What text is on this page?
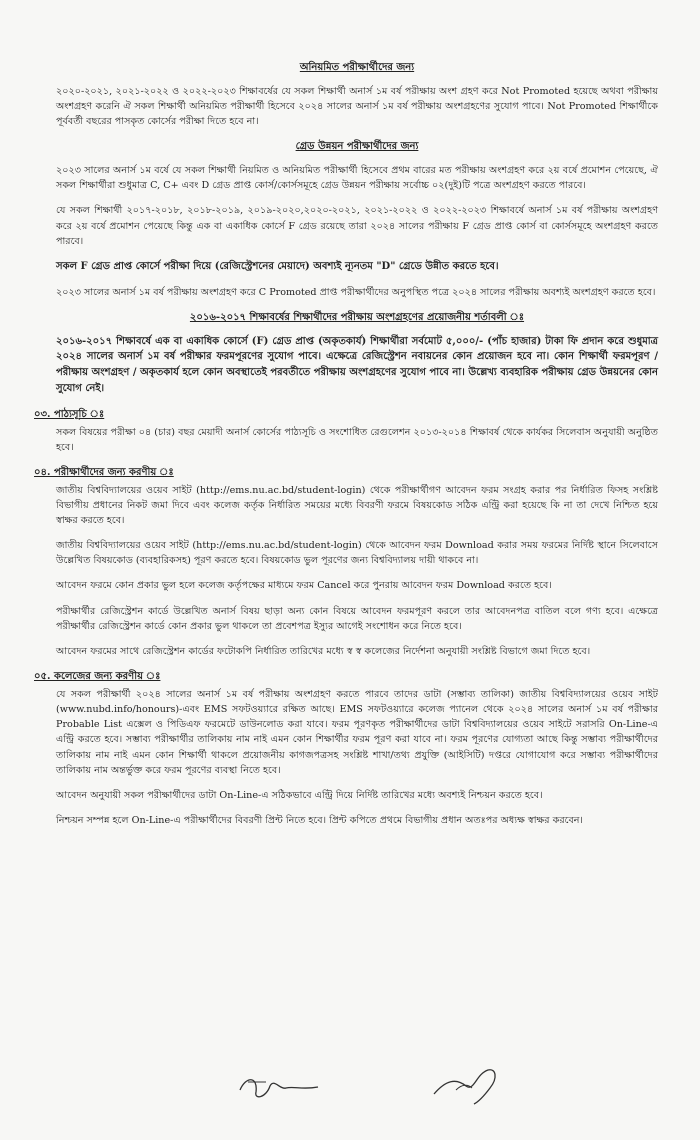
অনিয়মিত পরীক্ষার্থীদের জন্য

২০২০-২০২১, ২০২১-২০২২ ও ২০২২-২০২৩ শিক্ষাবর্ষের যে সকল শিক্ষার্থী অনার্স ১ম বর্ষ পরীক্ষায় অংশ গ্রহণ করে Not Promoted হয়েছে অথবা পরীক্ষায় অংশগ্রহণ করেনি ঐ সকল শিক্ষার্থী অনিয়মিত পরীক্ষার্থী হিসেবে ২০২৪ সালের অনার্স ১ম বর্ষ পরীক্ষায় অংশগ্রহণের সুযোগ পাবে। Not Promoted শিক্ষার্থীকে পূর্ববর্তী বছরের পাসকৃত কোর্সের পরীক্ষা দিতে হবে না।

গ্রেড উন্নয়ন পরীক্ষার্থীদের জন্য

২০২৩ সালের অনার্স ১ম বর্ষে যে সকল শিক্ষার্থী নিয়মিত ও অনিয়মিত পরীক্ষার্থী হিসেবে প্রথম বারের মত পরীক্ষায় অংশগ্রহণ করে ২য় বর্ষে প্রমোশন পেয়েছে, ঐ সকল শিক্ষার্থীরা শুধুমাত্র C, C+ এবং D গ্রেড প্রাপ্ত কোর্স/কোর্সসমূহে গ্রেড উন্নয়ন পরীক্ষায় সর্বোচ্চ ০২(দুই)টি পত্রে অংশগ্রহণ করতে পারবে।

যে সকল শিক্ষার্থী ২০১৭-২০১৮, ২০১৮-২০১৯, ২০১৯-২০২০,২০২০-২০২১, ২০২১-২০২২ ও ২০২২-২০২৩ শিক্ষাবর্ষে অনার্স ১ম বর্ষ পরীক্ষায় অংশগ্রহণ করে ২য় বর্ষে প্রমোশন পেয়েছে কিন্তু এক বা একাধিক কোর্সে F গ্রেড রয়েছে তারা ২০২৪ সালের পরীক্ষায় F গ্রেড প্রাপ্ত কোর্স বা কোর্সসমূহে অংশগ্রহণ করতে পারবে।

সকল F গ্রেড প্রাপ্ত কোর্সে পরীক্ষা দিয়ে (রেজিস্ট্রেশনের মেয়াদে) অবশ্যই ন্যূনতম "D" গ্রেডে উন্নীত করতে হবে।

২০২৩ সালের অনার্স ১ম বর্ষ পরীক্ষায় অংশগ্রহণ করে C Promoted প্রাপ্ত পরীক্ষার্থীদের অনুপস্থিত পত্রে ২০২৪ সালের পরীক্ষায় অবশ্যই অংশগ্রহণ করতে হবে।

২০১৬-২০১৭ শিক্ষাবর্ষের শিক্ষার্থীদের পরীক্ষায় অংশগ্রহণের প্রয়োজনীয় শর্তাবলী ঃ

২০১৬-২০১৭ শিক্ষাবর্ষে এক বা একাধিক কোর্সে (F) গ্রেড প্রাপ্ত (অকৃতকার্য) শিক্ষার্থীরা সর্বমোট ৫,০০০/- (পাঁচ হাজার) টাকা ফি প্রদান করে শুধুমাত্র ২০২৪ সালের অনার্স ১ম বর্ষ পরীক্ষার ফরমপূরণের সুযোগ পাবে। এক্ষেত্রে রেজিস্ট্রেশন নবায়নের কোন প্রয়োজন হবে না। কোন শিক্ষার্থী ফরমপূরণ / পরীক্ষায় অংশগ্রহণ / অকৃতকার্য হলে কোন অবস্থাতেই পরবর্তীতে পরীক্ষায় অংশগ্রহণের সুযোগ পাবে না। উল্লেখ্য ব্যবহারিক পরীক্ষায় গ্রেড উন্নয়নের কোন সুযোগ নেই।

০৩. পাঠ্যসূচি ঃ

সকল বিষয়ের পরীক্ষা ০৪ (চার) বছর মেয়াদী অনার্স কোর্সের পাঠ্যসূচি ও সংশোধিত রেগুলেশন ২০১৩-২০১৪ শিক্ষাবর্ষ থেকে কার্যকর সিলেবাস অনুযায়ী অনুষ্ঠিত হবে।

০৪. পরীক্ষার্থীদের জন্য করণীয় ঃ

জাতীয় বিশ্ববিদ্যালয়ের ওয়েব সাইট (http://ems.nu.ac.bd/student-login) থেকে পরীক্ষার্থীগণ আবেদন ফরম সংগ্রহ করার পর নির্ধারিত ফিসহ সংশ্লিষ্ট বিভাগীয় প্রধানের নিকট জমা দিবে এবং কলেজ কর্তৃক নির্ধারিত সময়ের মধ্যে বিবরণী ফরমে বিষয়কোড সঠিক এন্ট্রি করা হয়েছে কি না তা দেখে নিশ্চিত হয়ে স্বাক্ষর করতে হবে।

জাতীয় বিশ্ববিদ্যালয়ের ওয়েব সাইট (http://ems.nu.ac.bd/student-login) থেকে আবেদন ফরম Download করার সময় ফরমের নির্দিষ্ট স্থানে সিলেবাসে উল্লেখিত বিষয়কোড (ব্যবহারিকসহ) পূরণ করতে হবে। বিষয়কোড ভুল পূরণের জন্য বিশ্ববিদ্যালয় দায়ী থাকবে না।

আবেদন ফরমে কোন প্রকার ভুল হলে কলেজ কর্তৃপক্ষের মাধ্যমে ফরম Cancel করে পুনরায় আবেদন ফরম Download করতে হবে।

পরীক্ষার্থীর রেজিস্ট্রেশন কার্ডে উল্লেখিত অনার্স বিষয় ছাড়া অন্য কোন বিষয়ে আবেদন ফরমপূরণ করলে তার আবেদনপত্র বাতিল বলে গণ্য হবে। এক্ষেত্রে পরীক্ষার্থীর রেজিস্ট্রেশন কার্ডে কোন প্রকার ভুল থাকলে তা প্রবেশপত্র ইস্যুর আগেই সংশোধন করে নিতে হবে।

আবেদন ফরমের সাথে রেজিস্ট্রেশন কার্ডের ফটোকপি নির্ধারিত তারিখের মধ্যে স্ব স্ব কলেজের নির্দেশনা অনুযায়ী সংশ্লিষ্ট বিভাগে জমা দিতে হবে।

০৫. কলেজের জন্য করণীয় ঃ

যে সকল পরীক্ষার্থী ২০২৪ সালের অনার্স ১ম বর্ষ পরীক্ষায় অংশগ্রহণ করতে পারবে তাদের ডাটা (সম্ভাব্য তালিকা) জাতীয় বিশ্ববিদ্যালয়ের ওয়েব সাইট (www.nubd.info/honours)-এবং EMS সফটওয়্যারে রক্ষিত আছে। EMS সফটওয়্যারে কলেজ প্যানেল থেকে ২০২৪ সালের অনার্স ১ম বর্ষ পরীক্ষার Probable List এক্সেল ও পিডিএফ ফরমেটে ডাউনলোড করা যাবে। ফরম পূরণকৃত পরীক্ষার্থীদের ডাটা বিশ্ববিদ্যালয়ের ওয়েব সাইটে সরাসরি On-Line-এ এন্ট্রি করতে হবে। সম্ভাব্য পরীক্ষার্থীর তালিকায় নাম নাই এমন কোন শিক্ষার্থীর ফরম পূরণ করা যাবে না। ফরম পূরণের যোগ্যতা আছে কিন্তু সম্ভাব্য পরীক্ষার্থীদের তালিকায় নাম নাই এমন কোন শিক্ষার্থী থাকলে প্রয়োজনীয় কাগজপত্রসহ সংশ্লিষ্ট শাখা/তথ্য প্রযুক্তি (আইসিটি) দপ্তরে যোগাযোগ করে সম্ভাব্য পরীক্ষার্থীদের তালিকায় নাম অন্তর্ভুক্ত করে ফরম পূরণের ব্যবস্থা নিতে হবে।

আবেদন অনুযায়ী সকল পরীক্ষার্থীদের ডাটা On-Line-এ সঠিকভাবে এন্ট্রি দিয়ে নির্দিষ্ট তারিখের মধ্যে অবশ্যই নিশ্চয়ন করতে হবে।

নিশ্চয়ন সম্পন্ন হলে On-Line-এ পরীক্ষার্থীদের বিবরণী প্রিন্ট নিতে হবে। প্রিন্ট কপিতে প্রথমে বিভাগীয় প্রধান অতঃপর অধ্যক্ষ স্বাক্ষর করবেন।
